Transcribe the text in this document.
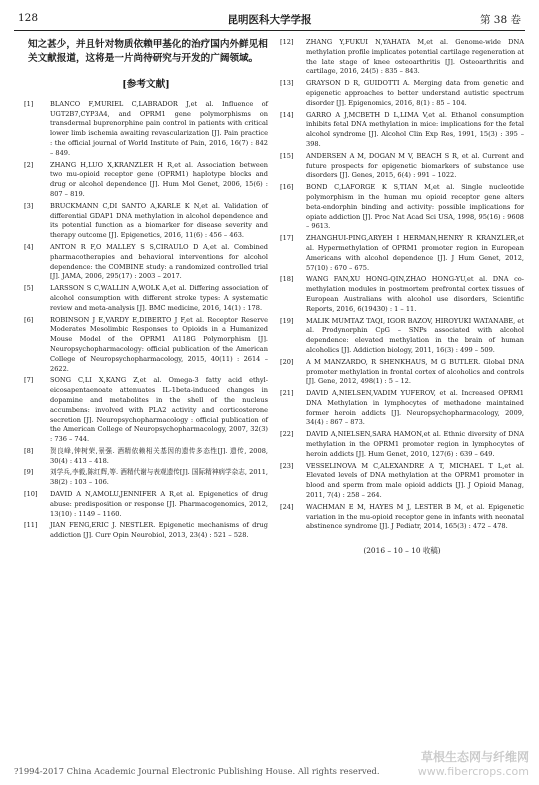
128	昆明医科大学学报	第 38 卷

知之甚少，并且针对物质依赖甲基化的治疗国内外鲜见相关文献报道，这将是一片尚待研究与开发的广阔领域。

[参考文献]
[1]	BLANCO F,MURIEL C,LABRADOR J,et al. Influence of UGT2B7,CYP3A4, and OPRM1 gene polymorphisms on transdermal buprenorphine pain control in patients with critical lower limb ischemia awaiting revascularization [J]. Pain practice : the official journal of World Institute of Pain, 2016, 16(7) : 842 – 849.
[2]	ZHANG H,LUO X,KRANZLER H R,et al. Association between two mu-opioid receptor gene (OPRM1) haplotype blocks and drug or alcohol dependence [J]. Hum Mol Genet, 2006, 15(6) : 807 – 819.
[3]	BRUCKMANN C,DI SANTO A,KARLE K N,et al. Validation of differential GDAP1 DNA methylation in alcohol dependence and its potential function as a biomarker for disease severity and therapy outcome [J]. Epigenetics, 2016, 11(6) : 456 – 463.
[4]	ANTON R F,O MALLEY S S,CIRAULO D A,et al. Combined pharmacotherapies and behavioral interventions for alcohol dependence: the COMBINE study: a randomized controlled trial [J]. JAMA, 2006, 295(17) : 2003 – 2017.
[5]	LARSSON S C,WALLIN A,WOLK A,et al. Differing association of alcohol consumption with different stroke types: A systematic review and meta-analysis [J]. BMC medicine, 2016, 14(1) : 178.
[6]	ROBINSON J E,VARDY E,DIBERTO J F,et al. Receptor Reserve Moderates Mesolimbic Responses to Opioids in a Humanized Mouse Model of the OPRM1 A118G Polymorphism [J]. Neuropsychopharmacology: official publication of the American College of Neuropsychopharmacology, 2015, 40(11) : 2614 – 2622.
[7]	SONG C,LI X,KANG Z,et al. Omega-3 fatty acid ethyl-eicosapentaenoate attenuates IL-1beta-induced changes in dopamine and metabolites in the shell of the nucleus accumbens: involved with PLA2 activity and corticosterone secretion [J]. Neuropsychopharmacology : official publication of the American College of Neuropsychopharmacology, 2007, 32(3) : 736 – 744.
[8]	贺良峰,钟树荣,景强. 酒精依赖相关基因的遗传多态性[J]. 遗传, 2008, 30(4) : 413 – 418.
[9]	刘学兵,李毅,陈红辉,等. 酒精代谢与表观遗传[J]. 国际精神病学杂志, 2011, 38(2) : 103 – 106.
[10] DAVID A N,AMOLU,JENNIFER A R,et al. Epigenetics of drug abuse: predisposition or response [J]. Pharmacogenomics, 2012, 13(10) : 1149 – 1160.
[11] JIAN FENG,ERIC J. NESTLER. Epigenetic mechanisms of drug addiction [J]. Curr Opin Neurobiol, 2013, 23(4) : 521 – 528.
[12] ZHANG Y,FUKUI N,YAHATA M,et al. Genome-wide DNA methylation profile implicates potential cartilage regeneration at the late stage of knee osteoarthritis [J]. Osteoarthritis and cartilage, 2016, 24(5) : 835 – 843.
[13] GRAYSON D R, GUIDOTTI A. Merging data from genetic and epigenetic approaches to better understand autistic spectrum disorder [J]. Epigenomics, 2016, 8(1) : 85 – 104.
[14] GARRO A J,MCBETH D L,LIMA V,et al. Ethanol consumption inhibits fetal DNA methylation in mice: implications for the fetal alcohol syndrome [J]. Alcohol Clin Exp Res, 1991, 15(3) : 395 – 398.
[15] ANDERSEN A M, DOGAN M V, BEACH S R, et al. Current and future prospects for epigenetic biomarkers of substance use disorders [J]. Genes, 2015, 6(4) : 991 – 1022.
[16] BOND C,LAFORGE K S,TIAN M,et al. Single nucleotide polymorphism in the human mu opioid receptor gene alters beta-endorphin binding and activity: possible implications for opiate addiction [J]. Proc Nat Acad Sci USA, 1998, 95(16) : 9608 – 9613.
[17] ZHANGHUI-PING,ARYEH I HERMAN,HENRY R KRANZLER,et al. Hypermethylation of OPRM1 promoter region in European Americans with alcohol dependence [J]. J Hum Genet, 2012, 57(10) : 670 – 675.
[18] WANG FAN,XU HONG-QIN,ZHAO HONG-YU,et al. DNA co-methylation modules in postmortem prefrontal cortex tissues of European Australians with alcohol use disorders, Scientific Reports, 2016, 6(19430) : 1 – 11.
[19] MALIK MUMTAZ TAQI, IGOR BAZOV, HIROYUKI WATANABE, et al. Prodynorphin CpG – SNPs associated with alcohol dependence: elevated methylation in the brain of human alcoholics [J]. Addiction biology, 2011, 16(3) : 499 – 509.
[20] A M MANZARDO, R SHENKHAUS, M G BUTLER. Global DNA promoter methylation in frontal cortex of alcoholics and controls [J]. Gene, 2012, 498(1) : 5 – 12.
[21] DAVID A,NIELSEN,VADIM YUFEROV, et al. Increased OPRM1 DNA Methylation in lymphocytes of methadone maintained former heroin addicts [J]. Neuropsychopharmacology, 2009, 34(4) : 867 – 873.
[22] DAVID A,NIELSEN,SARA HAMON,et al. Ethnic diversity of DNA methylation in the OPRM1 promoter region in lymphocytes of heroin addicts [J]. Hum Genet, 2010, 127(6) : 639 – 649.
[23] VESSELINOVA M C,ALEXANDRE A T, MICHAEL T L,et al. Elevated levels of DNA methylation at the OPRM1 promoter in blood and sperm from male opioid addicts [J]. J Opioid Manag, 2011, 7(4) : 258 – 264.
[24] WACHMAN E M, HAYES M J, LESTER B M, et al. Epigenetic variation in the mu-opioid receptor gene in infants with neonatal abstinence syndrome [J]. J Pediatr, 2014, 165(3) : 472 – 478.
(2016 – 10 – 10 收稿)
?1994-2017 China Academic Journal Electronic Publishing House. All rights reserved.
草根生态网与纤维网
www.fibercrops.com
